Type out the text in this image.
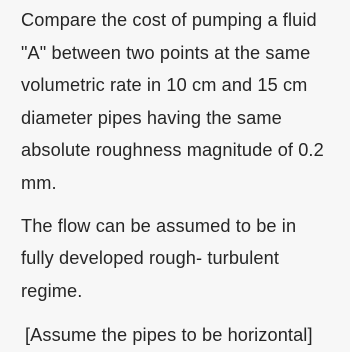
Compare the cost of pumping a fluid
"A" between two points at the same
volumetric rate in 10 cm and 15 cm
diameter pipes having the same
absolute roughness magnitude of 0.2
mm.

The flow can be assumed to be in
fully developed rough- turbulent
regime.

[Assume the pipes to be horizontal]
